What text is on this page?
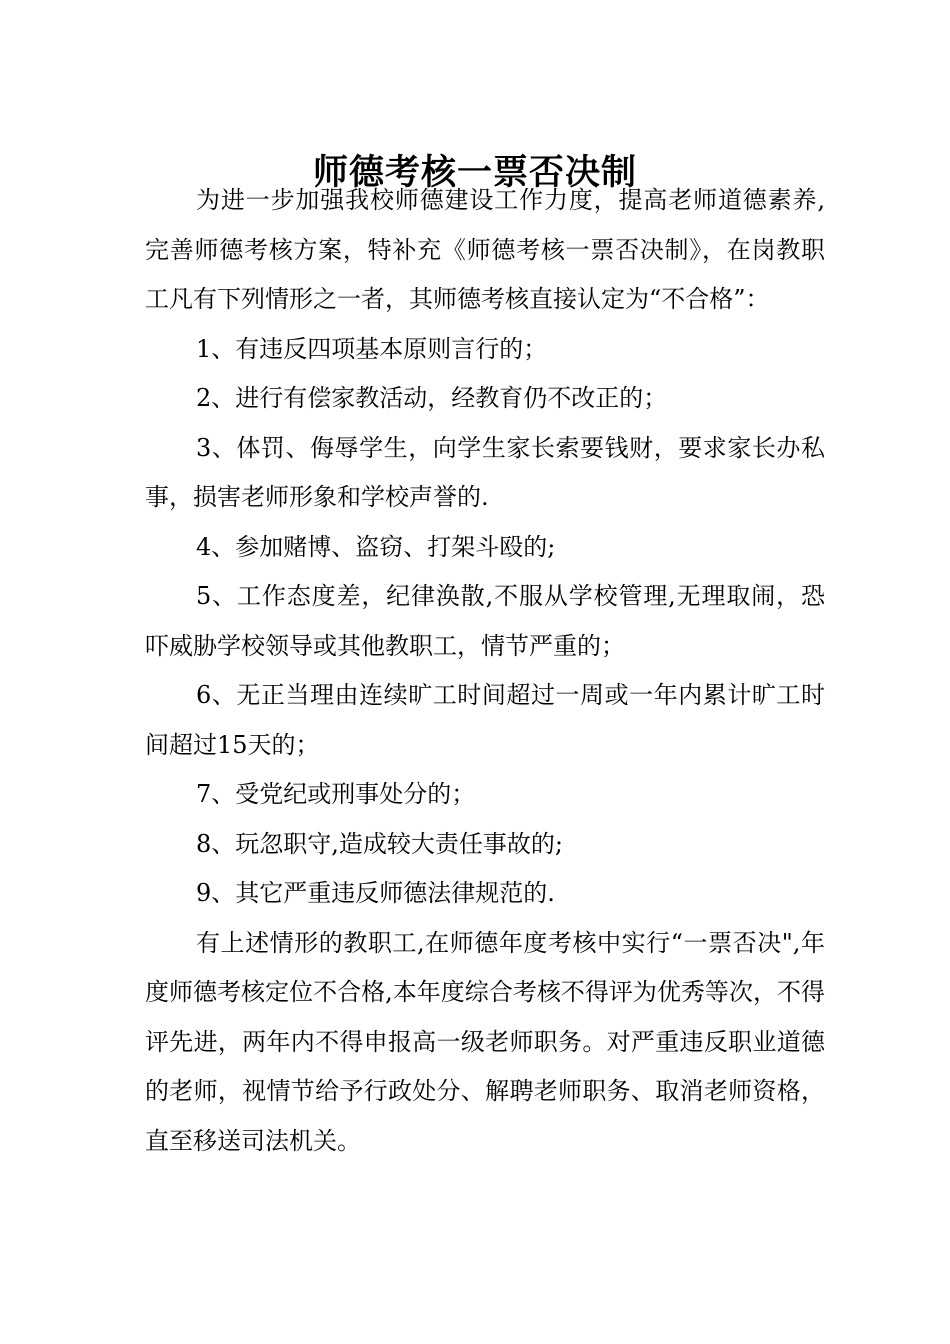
师德考核一票否决制

为进一步加强我校师德建设工作力度，提高老师道德素养,完善师德考核方案，特补充《师德考核一票否决制》，在岗教职工凡有下列情形之一者，其师德考核直接认定为“不合格”：

1、有违反四项基本原则言行的；

2、进行有偿家教活动，经教育仍不改正的；

3、体罚、侮辱学生，向学生家长索要钱财，要求家长办私事，损害老师形象和学校声誉的.

4、参加赌博、盗窃、打架斗殴的;

5、工作态度差，纪律涣散,不服从学校管理,无理取闹，恐吓威胁学校领导或其他教职工，情节严重的；

6、无正当理由连续旷工时间超过一周或一年内累计旷工时间超过15天的；

7、受党纪或刑事处分的；

8、玩忽职守,造成较大责任事故的;

9、其它严重违反师德法律规范的.

有上述情形的教职工,在师德年度考核中实行“一票否决",年度师德考核定位不合格,本年度综合考核不得评为优秀等次，不得评先进，两年内不得申报高一级老师职务。对严重违反职业道德的老师，视情节给予行政处分、解聘老师职务、取消老师资格，直至移送司法机关。
